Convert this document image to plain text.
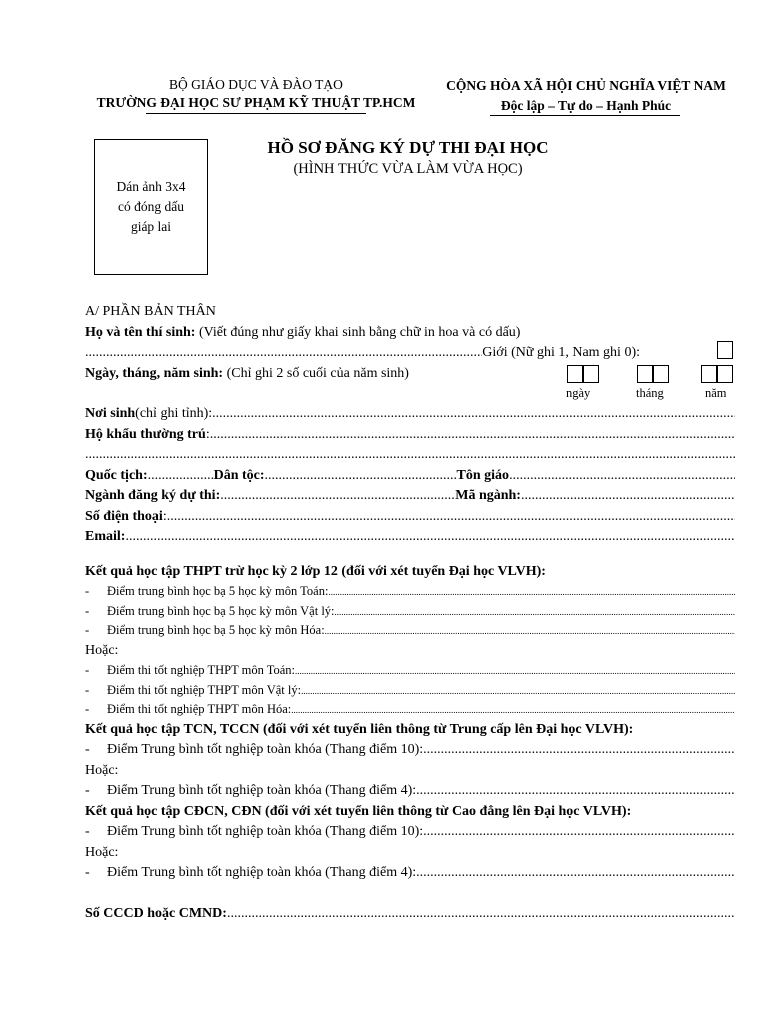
BỘ GIÁO DỤC VÀ ĐÀO TẠO
TRƯỜNG ĐẠI HỌC SƯ PHẠM KỸ THUẬT TP.HCM
CỘNG HÒA XÃ HỘI CHỦ NGHĨA VIỆT NAM
Độc lập – Tự do – Hạnh Phúc
Dán ảnh 3x4
có đóng dấu
giáp lai
HỒ SƠ ĐĂNG KÝ DỰ THI ĐẠI HỌC
(HÌNH THỨC VỪA LÀM VỪA HỌC)
ngày	tháng	năm
A/ PHẦN BẢN THÂN
Họ và tên thí sinh: (Viết đúng như giấy khai sinh bằng chữ in hoa và có dấu)
.....
Giới (Nữ ghi 1, Nam ghi 0):
Ngày, tháng, năm sinh: (Chỉ ghi 2 số cuối của năm sinh)
Nơi sinh (chỉ ghi tỉnh):
.....
Hộ khẩu thường trú :
.....
.....
Quốc tịch: .....	Dân tộc: .....	Tôn giáo
.....
Ngành đăng ký dự thi: .....	Mã ngành:
.....
Số điện thoại :
.....
Email:
.....
Kết quả học tập THPT trừ học kỳ 2 lớp 12 (đối với xét tuyển Đại học VLVH):
-	Điểm trung bình học bạ 5 học kỳ môn Toán:
.....
-	Điểm trung bình học bạ 5 học kỳ môn Vật lý:
.....
-	Điểm trung bình học bạ 5 học kỳ môn Hóa:
.....
Hoặc:
-	Điểm thi tốt nghiệp THPT môn Toán:
.....
-	Điểm thi tốt nghiệp THPT môn Vật lý:
.....
-	Điểm thi tốt nghiệp THPT môn Hóa:
.....
Kết quả học tập TCN, TCCN (đối với xét tuyển liên thông từ Trung cấp lên Đại học VLVH):
-	Điểm Trung bình tốt nghiệp toàn khóa (Thang điểm 10):
.....
Hoặc:
-	Điểm Trung bình tốt nghiệp toàn khóa (Thang điểm 4):
.....
Kết quả học tập CĐCN, CĐN (đối với xét tuyển liên thông từ Cao đẳng lên Đại học VLVH):
-	Điểm Trung bình tốt nghiệp toàn khóa (Thang điểm 10):
.....
Hoặc:
-	Điểm Trung bình tốt nghiệp toàn khóa (Thang điểm 4):
.....
Số CCCD hoặc CMND:
.....
